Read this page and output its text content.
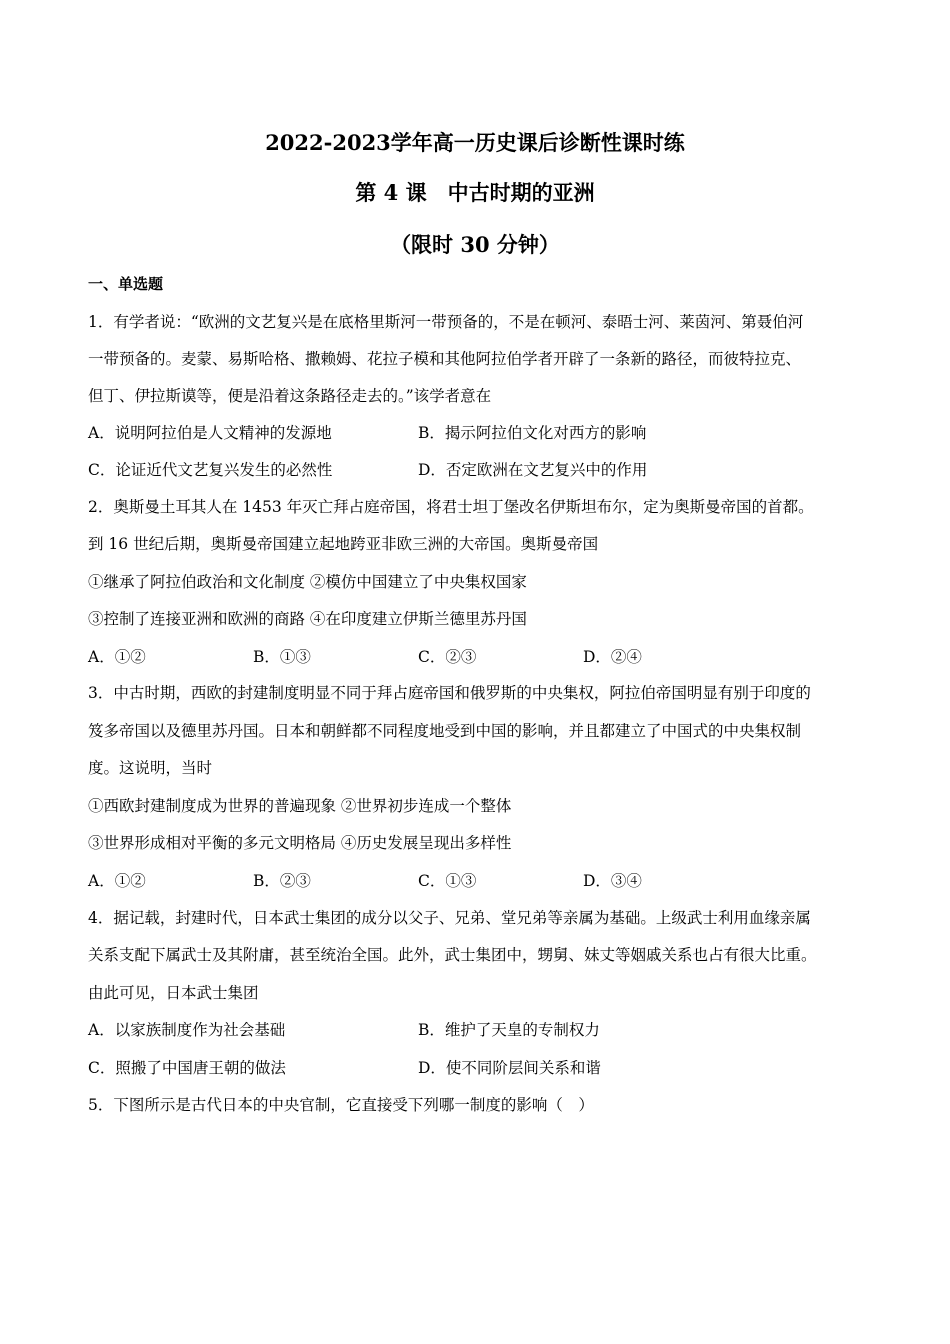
2022-2023学年高一历史课后诊断性课时练
第 4 课　中古时期的亚洲
（限时 30 分钟）
一、单选题
1．有学者说：“欧洲的文艺复兴是在底格里斯河一带预备的，不是在顿河、泰晤士河、莱茵河、第聂伯河
一带预备的。麦蒙、易斯哈格、撒赖姆、花拉子模和其他阿拉伯学者开辟了一条新的路径，而彼特拉克、
但丁、伊拉斯谟等，便是沿着这条路径走去的。”该学者意在
A．说明阿拉伯是人文精神的发源地	B．揭示阿拉伯文化对西方的影响
C．论证近代文艺复兴发生的必然性	D．否定欧洲在文艺复兴中的作用
2．奥斯曼土耳其人在 1453 年灭亡拜占庭帝国，将君士坦丁堡改名伊斯坦布尔，定为奥斯曼帝国的首都。
到 16 世纪后期，奥斯曼帝国建立起地跨亚非欧三洲的大帝国。奥斯曼帝国
①继承了阿拉伯政治和文化制度 ②模仿中国建立了中央集权国家
③控制了连接亚洲和欧洲的商路 ④在印度建立伊斯兰德里苏丹国
A．①②	B．①③	C．②③	D．②④
3．中古时期，西欧的封建制度明显不同于拜占庭帝国和俄罗斯的中央集权，阿拉伯帝国明显有别于印度的
笈多帝国以及德里苏丹国。日本和朝鲜都不同程度地受到中国的影响，并且都建立了中国式的中央集权制
度。这说明，当时
①西欧封建制度成为世界的普遍现象 ②世界初步连成一个整体
③世界形成相对平衡的多元文明格局 ④历史发展呈现出多样性
A．①②	B．②③	C．①③	D．③④
4．据记载，封建时代，日本武士集团的成分以父子、兄弟、堂兄弟等亲属为基础。上级武士利用血缘亲属
关系支配下属武士及其附庸，甚至统治全国。此外，武士集团中，甥舅、妹丈等姻戚关系也占有很大比重。
由此可见，日本武士集团
A．以家族制度作为社会基础	B．维护了天皇的专制权力
C．照搬了中国唐王朝的做法	D．使不同阶层间关系和谐
5．下图所示是古代日本的中央官制，它直接受下列哪一制度的影响（　）
